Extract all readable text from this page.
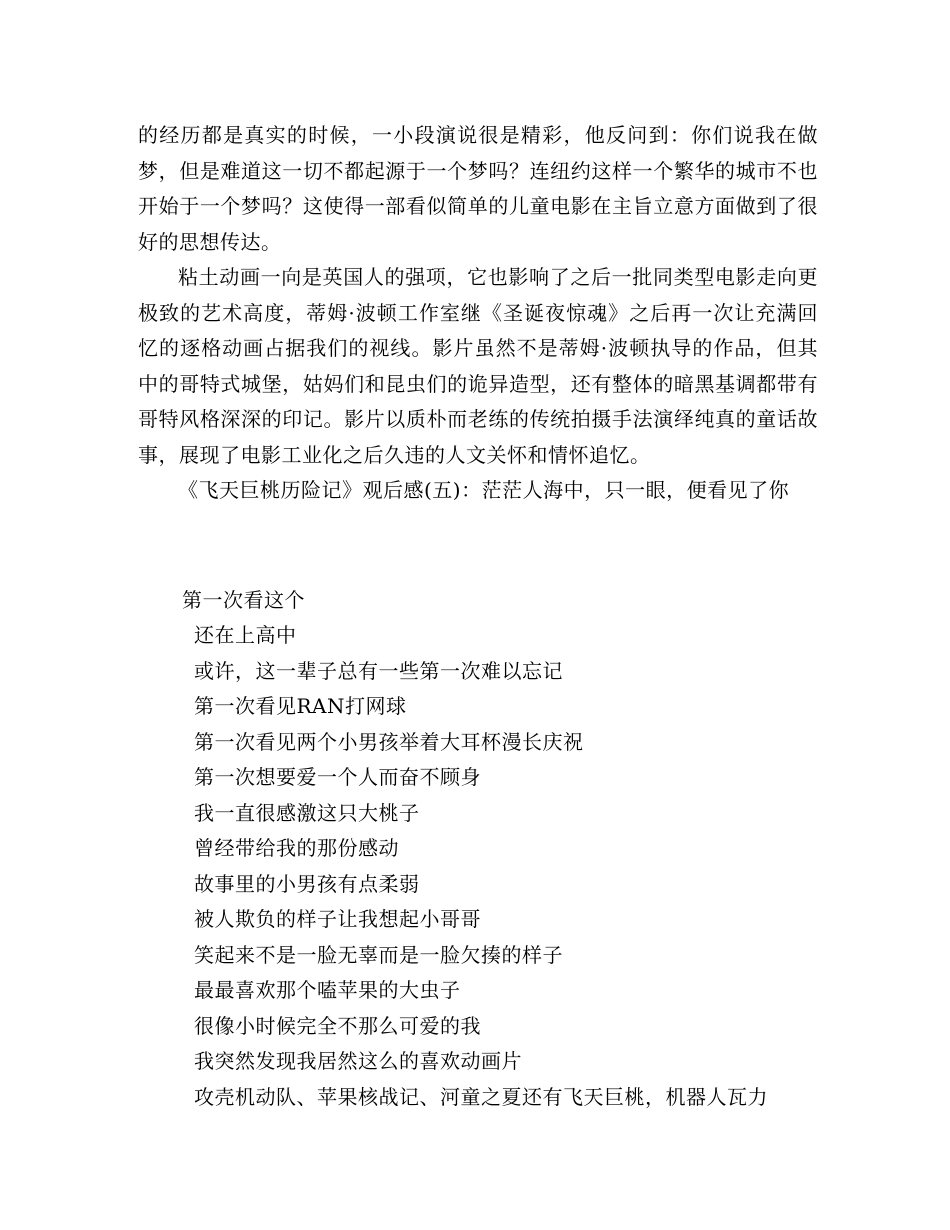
的经历都是真实的时候，一小段演说很是精彩，他反问到：你们说我在做梦，但是难道这一切不都起源于一个梦吗？连纽约这样一个繁华的城市不也开始于一个梦吗？这使得一部看似简单的儿童电影在主旨立意方面做到了很好的思想传达。

粘土动画一向是英国人的强项，它也影响了之后一批同类型电影走向更极致的艺术高度，蒂姆·波顿工作室继《圣诞夜惊魂》之后再一次让充满回忆的逐格动画占据我们的视线。影片虽然不是蒂姆·波顿执导的作品，但其中的哥特式城堡，姑妈们和昆虫们的诡异造型，还有整体的暗黑基调都带有哥特风格深深的印记。影片以质朴而老练的传统拍摄手法演绎纯真的童话故事，展现了电影工业化之后久违的人文关怀和情怀追忆。

《飞天巨桃历险记》观后感(五)：茫茫人海中，只一眼，便看见了你

第一次看这个
还在上高中
或许，这一辈子总有一些第一次难以忘记
第一次看见RAN打网球
第一次看见两个小男孩举着大耳杯漫长庆祝
第一次想要爱一个人而奋不顾身
我一直很感激这只大桃子
曾经带给我的那份感动
故事里的小男孩有点柔弱
被人欺负的样子让我想起小哥哥
笑起来不是一脸无辜而是一脸欠揍的样子
最最喜欢那个嗑苹果的大虫子
很像小时候完全不那么可爱的我
我突然发现我居然这么的喜欢动画片
攻壳机动队、苹果核战记、河童之夏还有飞天巨桃，机器人瓦力
